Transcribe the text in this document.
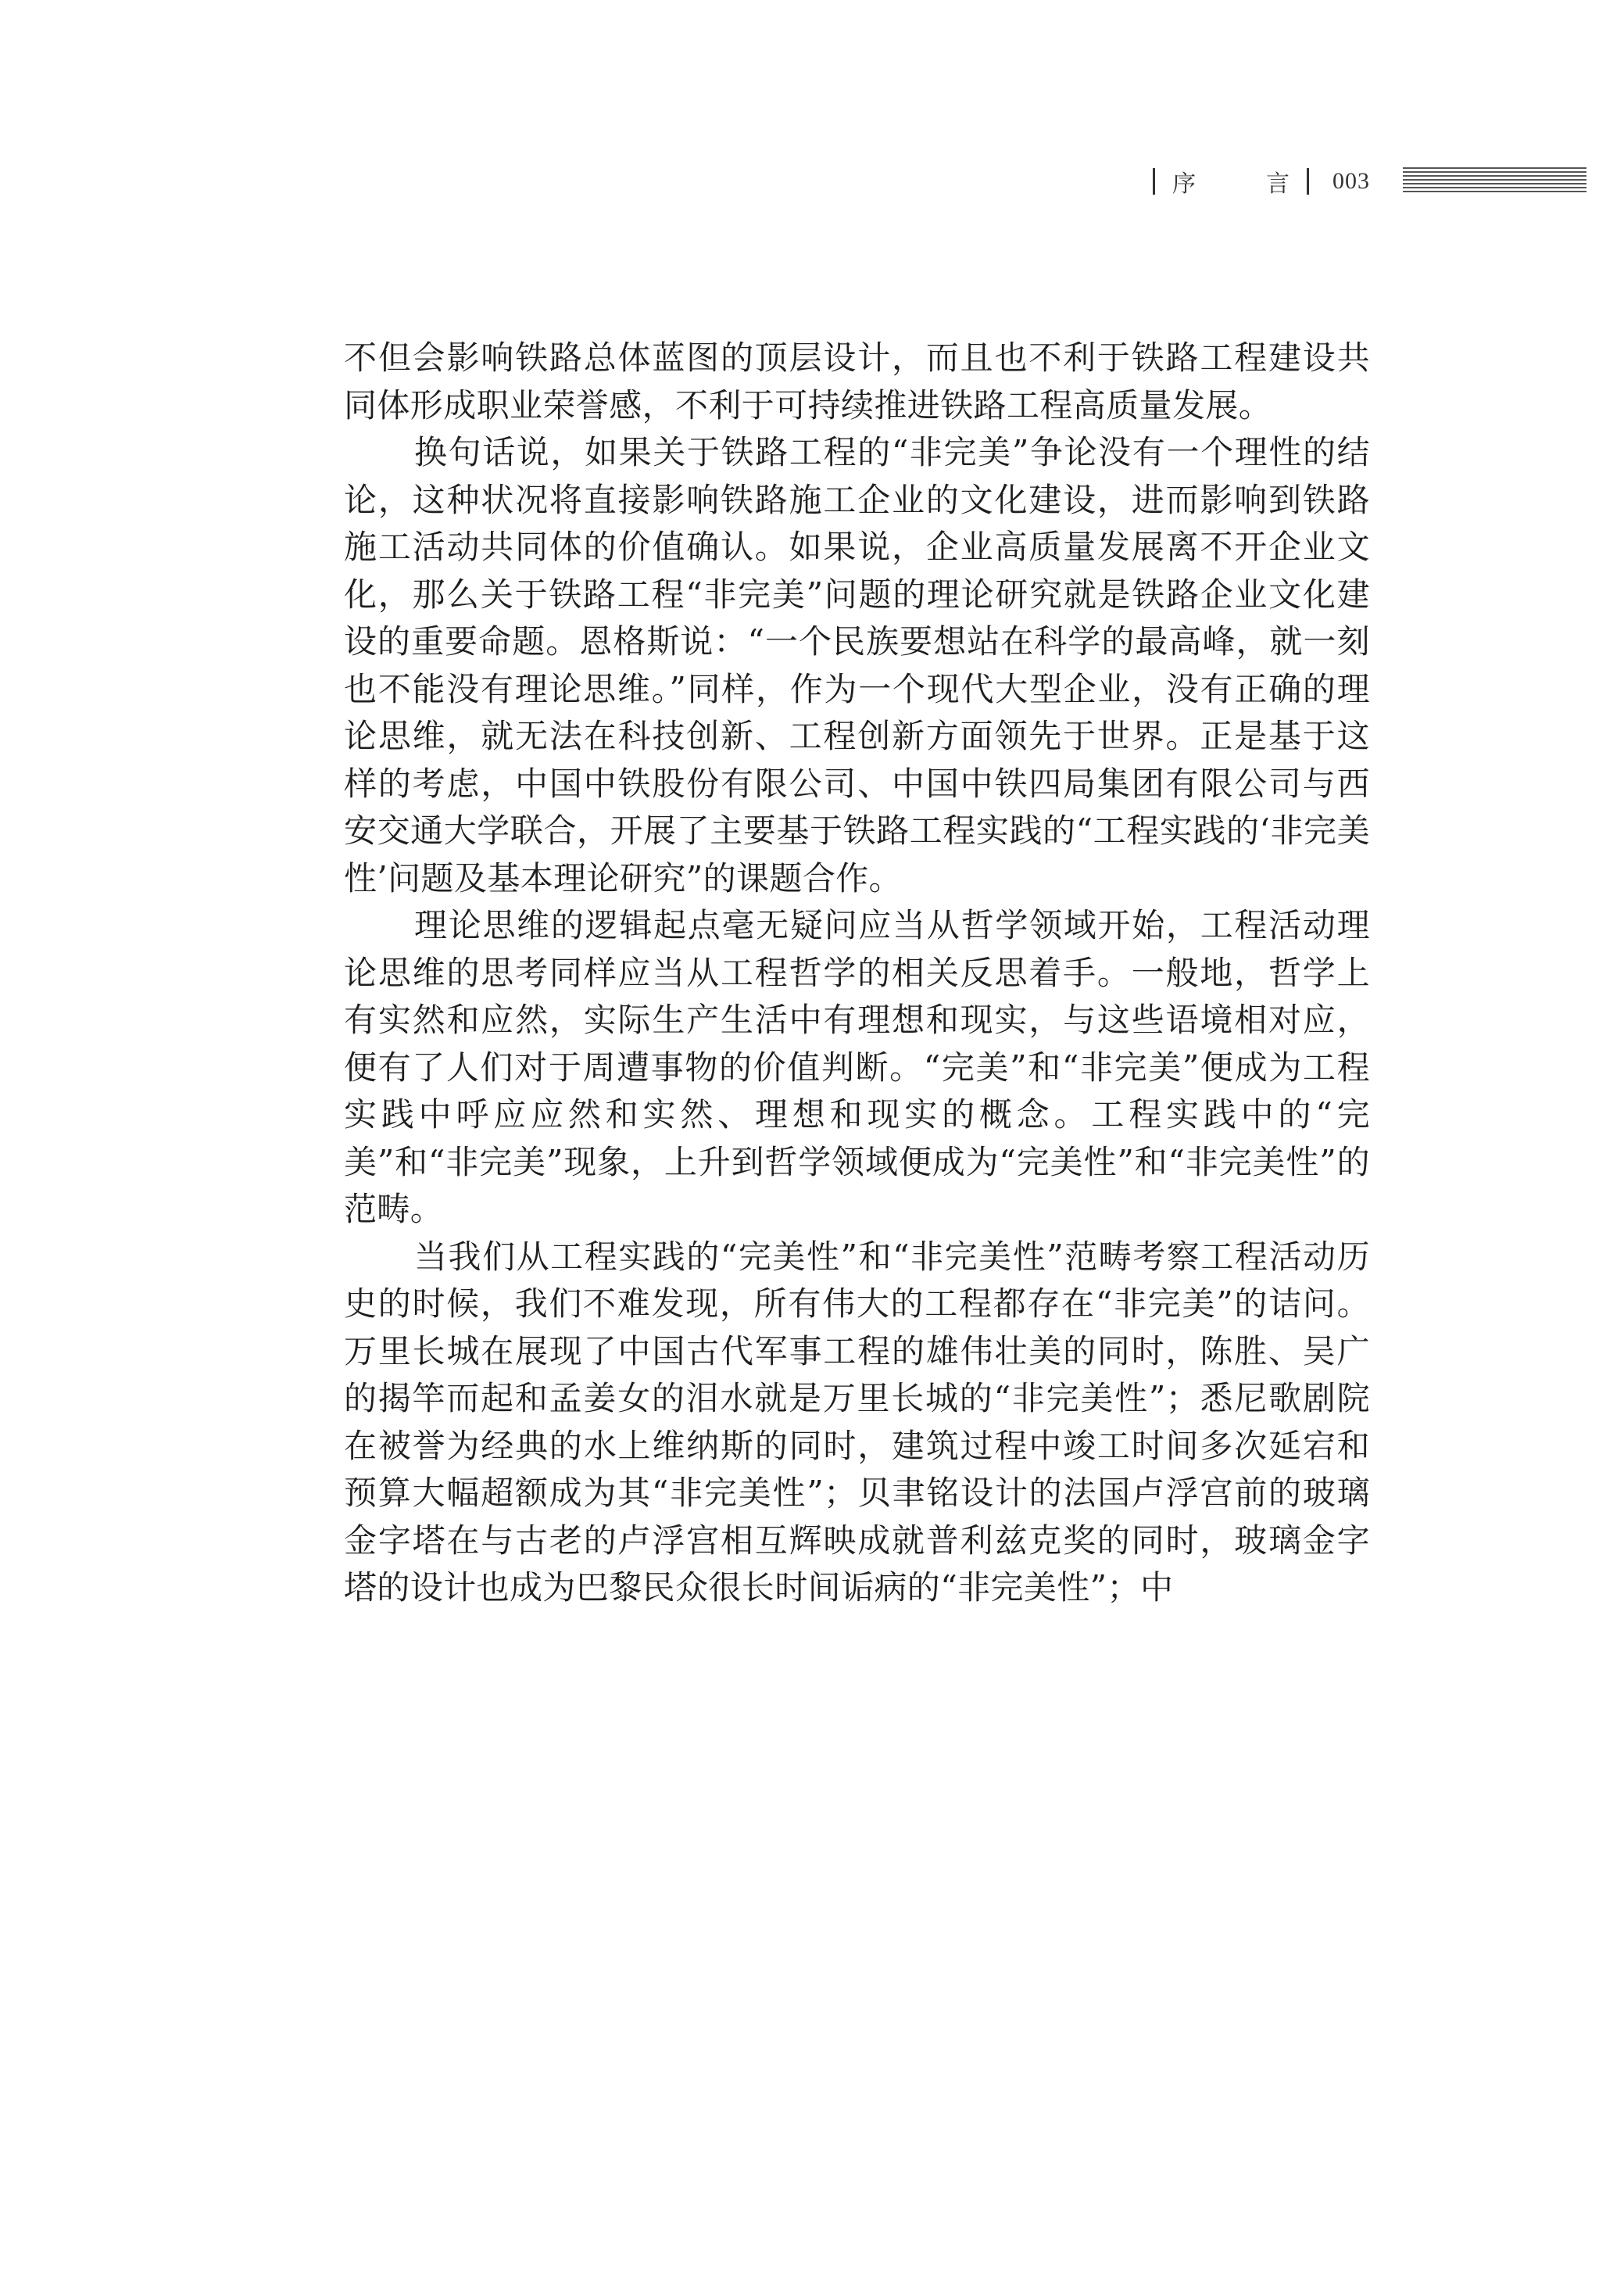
序　言 003

不但会影响铁路总体蓝图的顶层设计，而且也不利于铁路工程建设共同体形成职业荣誉感，不利于可持续推进铁路工程高质量发展。

换句话说，如果关于铁路工程的“非完美”争论没有一个理性的结论，这种状况将直接影响铁路施工企业的文化建设，进而影响到铁路施工活动共同体的价值确认。如果说，企业高质量发展离不开企业文化，那么关于铁路工程“非完美”问题的理论研究就是铁路企业文化建设的重要命题。恩格斯说：“一个民族要想站在科学的最高峰，就一刻也不能没有理论思维。”同样，作为一个现代大型企业，没有正确的理论思维，就无法在科技创新、工程创新方面领先于世界。正是基于这样的考虑，中国中铁股份有限公司、中国中铁四局集团有限公司与西安交通大学联合，开展了主要基于铁路工程实践的“工程实践的‘非完美性’问题及基本理论研究”的课题合作。

理论思维的逻辑起点毫无疑问应当从哲学领域开始，工程活动理论思维的思考同样应当从工程哲学的相关反思着手。一般地，哲学上有实然和应然，实际生产生活中有理想和现实，与这些语境相对应，便有了人们对于周遭事物的价值判断。“完美”和“非完美”便成为工程实践中呼应应然和实然、理想和现实的概念。工程实践中的“完美”和“非完美”现象，上升到哲学领域便成为“完美性”和“非完美性”的范畴。

当我们从工程实践的“完美性”和“非完美性”范畴考察工程活动历史的时候，我们不难发现，所有伟大的工程都存在“非完美”的诘问。万里长城在展现了中国古代军事工程的雄伟壮美的同时，陈胜、吴广的揭竿而起和孟姜女的泪水就是万里长城的“非完美性”；悉尼歌剧院在被誉为经典的水上维纳斯的同时，建筑过程中竣工时间多次延宕和预算大幅超额成为其“非完美性”；贝聿铭设计的法国卢浮宫前的玻璃金字塔在与古老的卢浮宫相互辉映成就普利兹克奖的同时，玻璃金字塔的设计也成为巴黎民众很长时间诟病的“非完美性”；中
